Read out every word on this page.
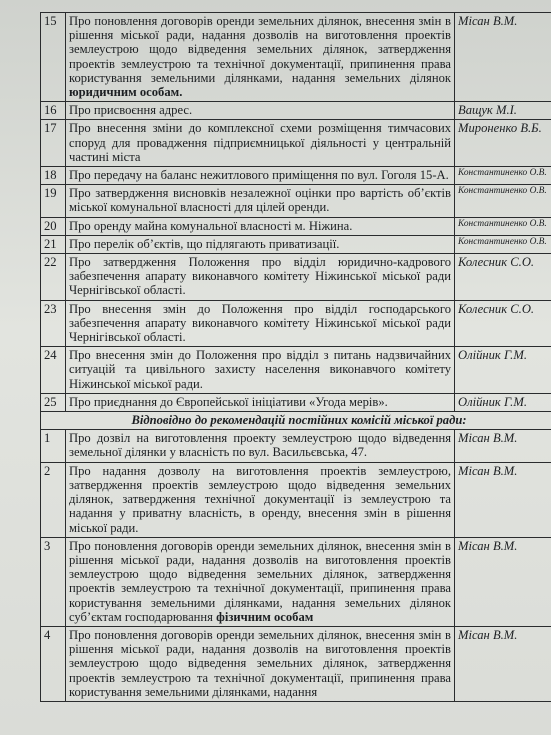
15	Про поновлення договорів оренди земельних ділянок, внесення змін в рішення міської ради, надання дозволів на виготовлення проектів землеустрою щодо відведення земельних ділянок, затвердження проектів землеустрою та технічної документації, припинення права користування земельними ділянками, надання земельних ділянок юридичним особам.	Місан В.М.
16	Про присвоєння адрес.	Ващук М.І.
17	Про внесення зміни до комплексної схеми розміщення тимчасових споруд для провадження підприємницької діяльності у центральній частині міста	Мироненко В.Б.
18	Про передачу на баланс нежитлового приміщення по вул. Гоголя 15-А.	Константиненко О.В.
19	Про затвердження висновків незалежної оцінки про вартість об’єктів міської комунальної власності для цілей оренди.	Константиненко О.В.
20	Про оренду майна комунальної власності м. Ніжина.	Константиненко О.В.
21	Про перелік об’єктів, що підлягають приватизації.	Константиненко О.В.
22	Про затвердження Положення про відділ юридично-кадрового забезпечення апарату виконавчого комітету Ніжинської міської ради Чернігівської області.	Колесник С.О.
23	Про внесення змін до Положення про відділ господарського забезпечення апарату виконавчого комітету Ніжинської міської ради Чернігівської області.	Колесник С.О.
24	Про внесення змін до Положення про відділ з питань надзвичайних ситуацій та цивільного захисту населення виконавчого комітету Ніжинської міської ради.	Олійник Г.М.
25	Про приєднання до Європейської ініціативи «Угода мерів».	Олійник Г.М.
Відповідно до рекомендацій постійних комісій міської ради:		
1	Про дозвіл на виготовлення проекту землеустрою щодо відведення земельної ділянки у власність по вул. Васильєвська, 47.	Місан В.М.
2	Про надання дозволу на виготовлення проектів землеустрою, затвердження проектів землеустрою щодо відведення земельних ділянок, затвердження технічної документації із землеустрою та надання у приватну власність, в оренду, внесення змін в рішення міської ради.	Місан В.М.
3	Про поновлення договорів оренди земельних ділянок, внесення змін в рішення міської ради, надання дозволів на виготовлення проектів землеустрою щодо відведення земельних ділянок, затвердження проектів землеустрою та технічної документації, припинення права користування земельними ділянками, надання земельних ділянок суб’єктам господарювання фізичним особам	Місан В.М.
4	Про поновлення договорів оренди земельних ділянок, внесення змін в рішення міської ради, надання дозволів на виготовлення проектів землеустрою щодо відведення земельних ділянок, затвердження проектів землеустрою та технічної документації, припинення права користування земельними ділянками, надання	Місан В.М.
